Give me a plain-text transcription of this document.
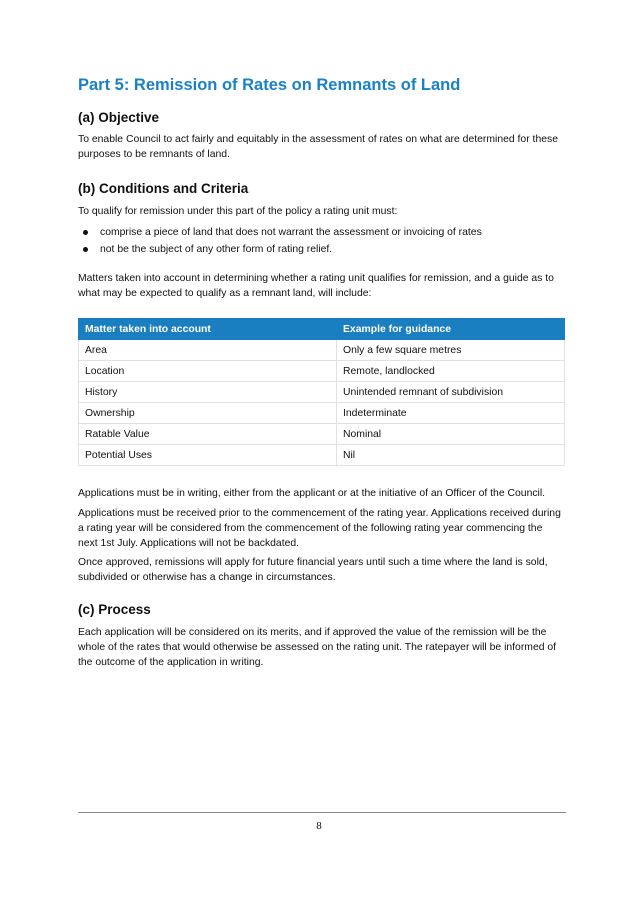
Part 5: Remission of Rates on Remnants of Land
(a) Objective

To enable Council to act fairly and equitably in the assessment of rates on what are determined for these purposes to be remnants of land.

(b) Conditions and Criteria

To qualify for remission under this part of the policy a rating unit must:

comprise a piece of land that does not warrant the assessment or invoicing of rates
not be the subject of any other form of rating relief.

Matters taken into account in determining whether a rating unit qualifies for remission, and a guide as to what may be expected to qualify as a remnant land, will include:

Matter taken into account	Example for guidance
Area	Only a few square metres
Location	Remote, landlocked
History	Unintended remnant of subdivision
Ownership	Indeterminate
Ratable Value	Nominal
Potential Uses	Nil

Applications must be in writing, either from the applicant or at the initiative of an Officer of the Council.

Applications must be received prior to the commencement of the rating year. Applications received during a rating year will be considered from the commencement of the following rating year commencing the next 1st July. Applications will not be backdated.

Once approved, remissions will apply for future financial years until such a time where the land is sold, subdivided or otherwise has a change in circumstances.

(c) Process

Each application will be considered on its merits, and if approved the value of the remission will be the whole of the rates that would otherwise be assessed on the rating unit. The ratepayer will be informed of the outcome of the application in writing.

8
